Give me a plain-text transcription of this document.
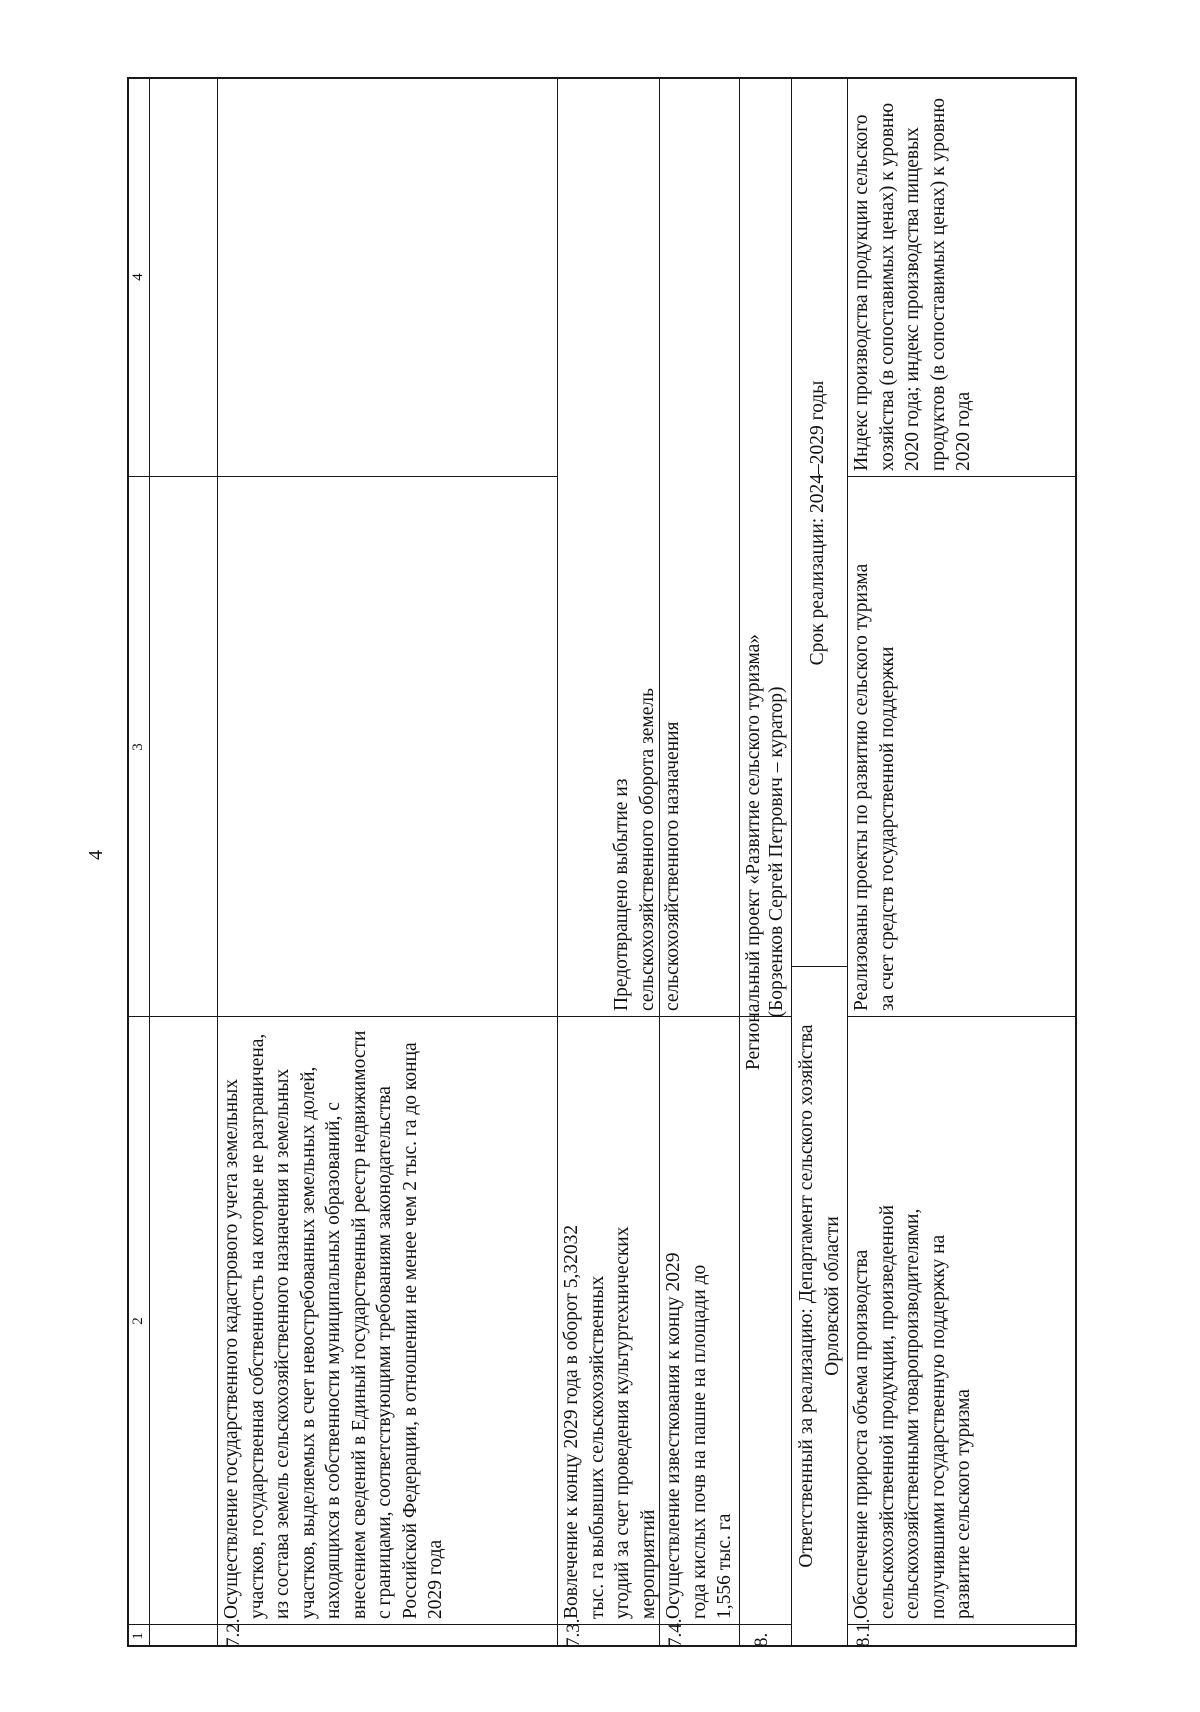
4
1
2
3
4
7.2.
Осуществление государственного кадастрового учета земельных участков, государственная собственность на которые не разграничена, из состава земель сельскохозяйственного назначения и земельных участков, выделяемых в счет невостребованных земельных долей, находящихся в собственности муниципальных образований, с внесением сведений в Единый государственный реестр недвижимости с границами, соответствующими требованиям законодательства Российской Федерации, в отношении не менее чем 2 тыс. га до конца 2029 года
7.3.
Вовлечение к концу 2029 года в оборот 5,32032 тыс. га выбывших сельскохозяйственных угодий за счет проведения культуртехнических мероприятий
7.4.
Осуществление известкования к концу 2029 года кислых почв на пашне на площади до 1,556 тыс. га
Предотвращено выбытие из сельскохозяйственного оборота земель сельскохозяйственного назначения
8.
Региональный проект «Развитие сельского туризма» (Борзенков Сергей Петрович – куратор)
Ответственный за реализацию: Департамент сельского хозяйства Орловской области
Срок реализации: 2024–2029 годы
8.1.
Обеспечение прироста объема производства сельскохозяйственной продукции, произведенной сельскохозяйственными товаропроизводителями, получившими государственную поддержку на развитие сельского туризма
Реализованы проекты по развитию сельского туризма за счет средств государственной поддержки
Индекс производства продукции сельского хозяйства (в сопоставимых ценах) к уровню 2020 года; индекс производства пищевых продуктов (в сопоставимых ценах) к уровню 2020 года
